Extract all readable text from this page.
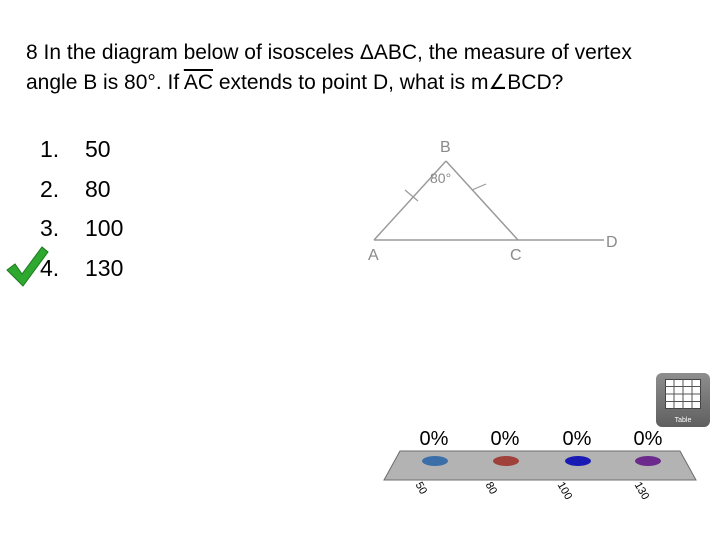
8 In the diagram below of isosceles ΔABC, the measure of vertex
angle B is 80°. If $\overline{AC}$ extends to point D, what is m∠BCD?
1.	50
2.	80
3.	100
4.	130
B
80°
A	C
D
Table
0%	0%	0%	0%
50	80	100	130
